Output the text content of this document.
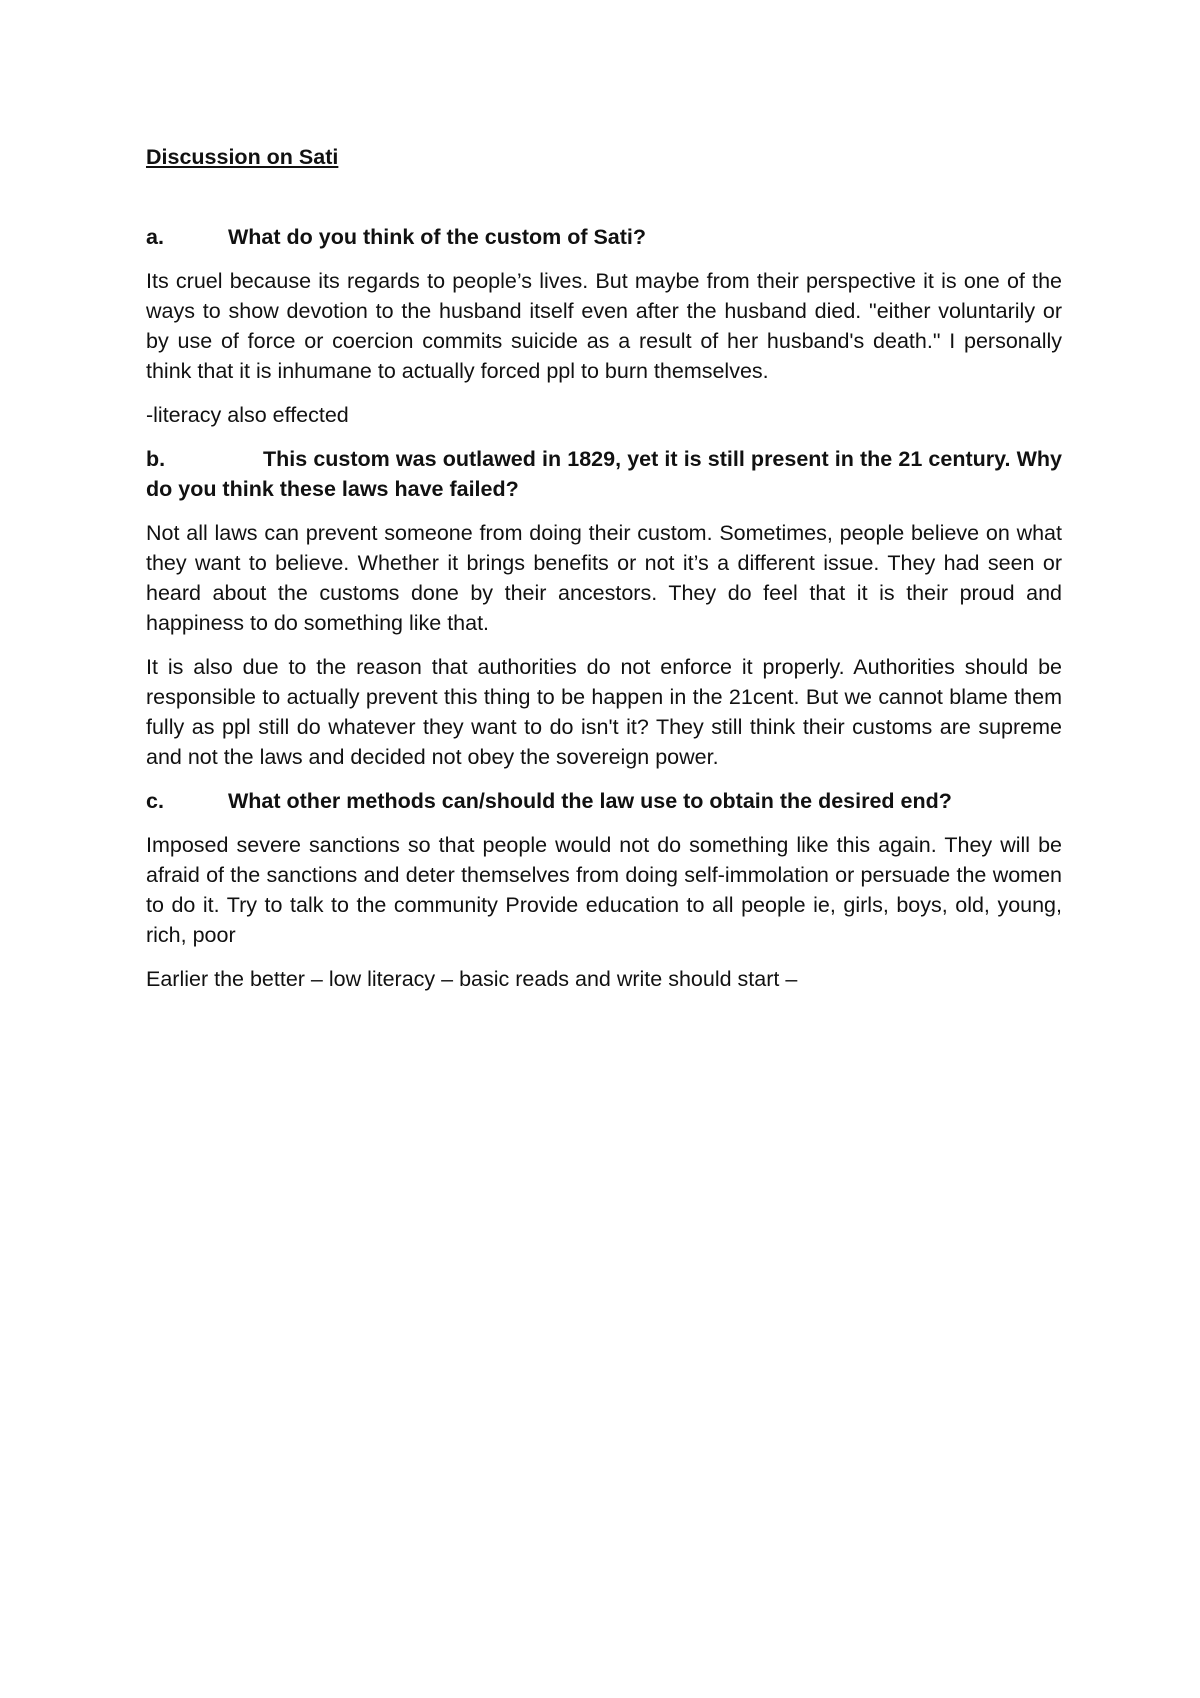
Discussion on Sati

a.	What do you think of the custom of Sati?

Its cruel because its regards to people’s lives. But maybe from their perspective it is one of the ways to show devotion to the husband itself even after the husband died. "either voluntarily or by use of force or coercion commits suicide as a result of her husband's death." I personally think that it is inhumane to actually forced ppl to burn themselves.

-literacy also effected

b.	This custom was outlawed in 1829, yet it is still present in the 21 century. Why do you think these laws have failed?

Not all laws can prevent someone from doing their custom. Sometimes, people believe on what they want to believe. Whether it brings benefits or not it’s a different issue. They had seen or heard about the customs done by their ancestors. They do feel that it is their proud and happiness to do something like that.

It is also due to the reason that authorities do not enforce it properly. Authorities should be responsible to actually prevent this thing to be happen in the 21cent. But we cannot blame them fully as ppl still do whatever they want to do isn't it? They still think their customs are supreme and not the laws and decided not obey the sovereign power.

c.	What other methods can/should the law use to obtain the desired end?

Imposed severe sanctions so that people would not do something like this again. They will be afraid of the sanctions and deter themselves from doing self-immolation or persuade the women to do it. Try to talk to the community Provide education to all people ie, girls, boys, old, young, rich, poor

Earlier the better – low literacy – basic reads and write should start –
